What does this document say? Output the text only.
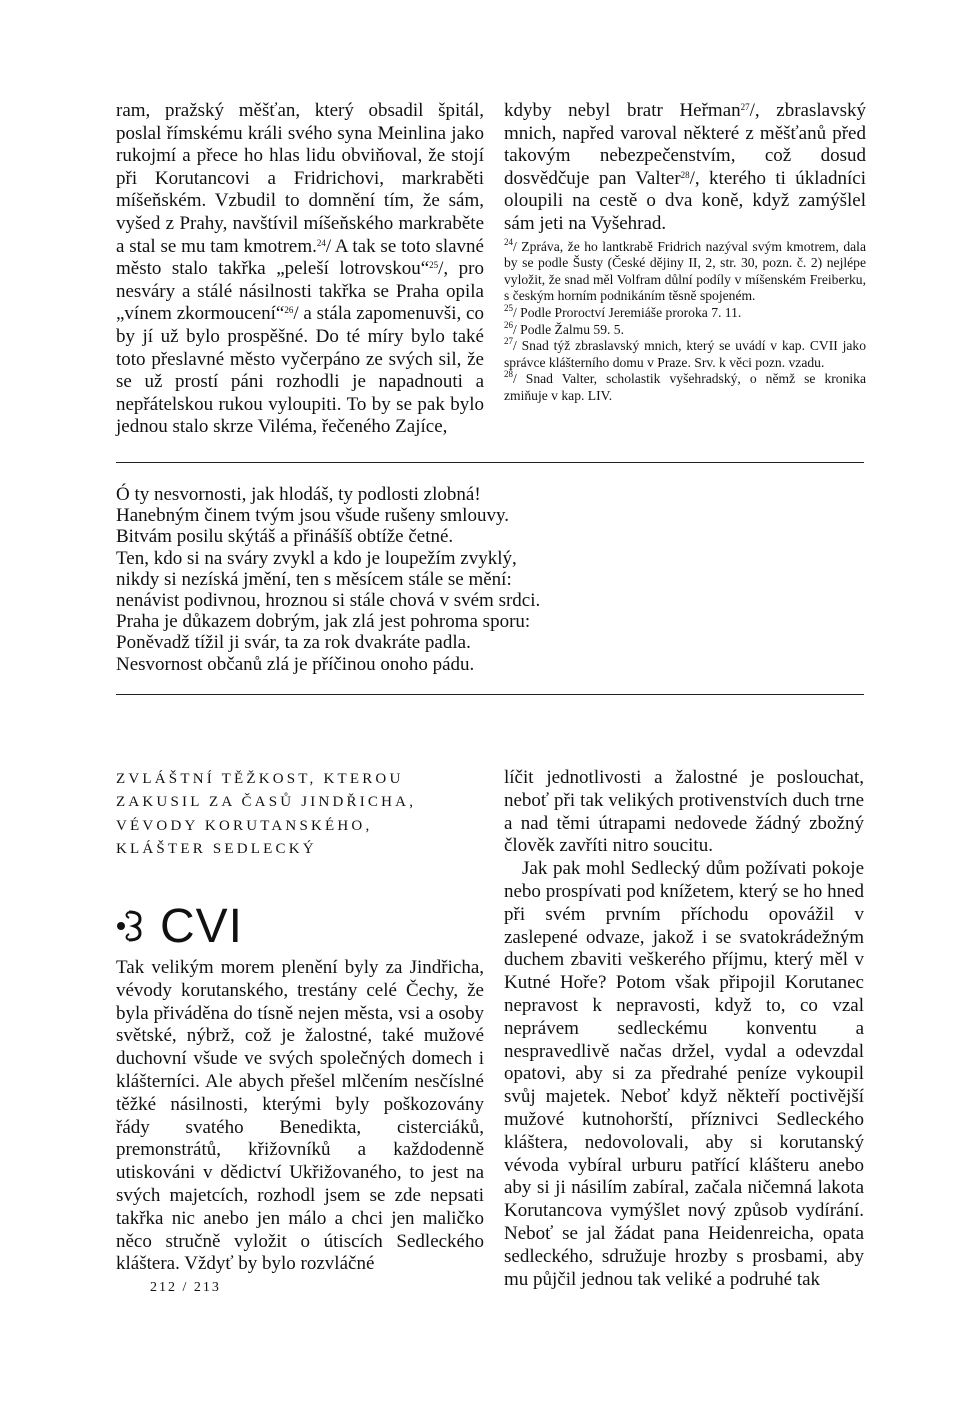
ram, pražský měšťan, který obsadil špitál, poslal římskému králi svého syna Meinlina jako rukojmí a přece ho hlas lidu obviňoval, že stojí při Korutancovi a Fridrichovi, markraběti míšeňském. Vzbudil to domnění tím, že sám, vyšed z Prahy, navštívil míšeňského markraběte a stal se mu tam kmotrem.$^{24}$/ A tak se toto slavné město stalo takřka „peleší lotrovskou“$^{25}$/, pro nesváry a stálé násilnosti takřka se Praha opila „vínem zkormoucení“$^{26}$/ a stála zapomenuvši, co by jí už bylo prospěšné. Do té míry bylo také toto přeslavné město vyčerpáno ze svých sil, že se už prostí páni rozhodli je napadnouti a nepřátelskou rukou vyloupiti. To by se pak bylo jednou stalo skrze Viléma, řečeného Zajíce,

kdyby nebyl bratr Heřman$^{27}$/, zbraslavský mnich, napřed varoval některé z měšťanů před takovým nebezpečenstvím, což dosud dosvědčuje pan Valter$^{28}$/, kterého ti úkladníci oloupili na cestě o dva koně, když zamýšlel sám jeti na Vyšehrad.

$^{24}$/ Zpráva, že ho lantkrabě Fridrich nazýval svým kmotrem, dala by se podle Šusty (České dějiny II, 2, str. 30, pozn. č. 2) nejlépe vyložit, že snad měl Volfram důlní podíly v míšenském Freiberku, s českým horním podnikáním těsně spojeném.

$^{25}$/ Podle Proroctví Jeremiáše proroka 7. 11.

$^{26}$/ Podle Žalmu 59. 5.

$^{27}$/ Snad týž zbraslavský mnich, který se uvádí v kap. CVII jako správce klášterního domu v Praze. Srv. k věci pozn. vzadu.

$^{28}$/ Snad Valter, scholastik vyšehradský, o němž se kronika zmiňuje v kap. LIV.

Ó ty nesvornosti, jak hlodáš, ty podlosti zlobná!
Hanebným činem tvým jsou všude rušeny smlouvy.
Bitvám posilu skýtáš a přinášíš obtíže četné.
Ten, kdo si na sváry zvykl a kdo je loupežím zvyklý,
nikdy si nezíská jmění, ten s měsícem stále se mění:
nenávist podivnou, hroznou si stále chová v svém srdci.
Praha je důkazem dobrým, jak zlá jest pohroma sporu:
Poněvadž tížil ji svár, ta za rok dvakráte padla.
Nesvornost občanů zlá je příčinou onoho pádu.
ZVLÁŠTNÍ TĚŽKOST, KTEROU
ZAKUSIL ZA ČASŮ JINDŘICHA,
VÉVODY KORUTANSKÉHO,
KLÁŠTER SEDLECKÝ
CVI

Tak velikým morem plenění byly za Jindřicha, vévody korutanského, trestány celé Čechy, že byla přiváděna do tísně nejen města, vsi a osoby světské, nýbrž, což je žalostné, také mužové duchovní všude ve svých společných domech i klášterníci. Ale abych přešel mlčením nesčíslné těžké násilnosti, kterými byly poškozovány řády svatého Benedikta, cisterciáků, premonstrátů, křižovníků a každodenně utiskováni v dědictví Ukřižovaného, to jest na svých majetcích, rozhodl jsem se zde nepsati takřka nic anebo jen málo a chci jen maličko něco stručně vyložit o útiscích Sedleckého kláštera. Vždyť by bylo rozvláčné

líčit jednotlivosti a žalostné je poslouchat, neboť při tak velikých protivenstvích duch trne a nad těmi útrapami nedovede žádný zbožný člověk zavříti nitro soucitu.

Jak pak mohl Sedlecký dům požívati pokoje nebo prospívati pod knížetem, který se ho hned při svém prvním příchodu opovážil v zaslepené odvaze, jakož i se svatokrádežným duchem zbaviti veškerého příjmu, který měl v Kutné Hoře? Potom však připojil Korutanec nepravost k nepravosti, když to, co vzal neprávem sedleckému konventu a nespravedlivě načas držel, vydal a odevzdal opatovi, aby si za předrahé peníze vykoupil svůj majetek. Neboť když někteří poctivější mužové kutnohorští, příznivci Sedleckého kláštera, nedovolovali, aby si korutanský vévoda vybíral urburu patřící klášteru anebo aby si ji násilím zabíral, začala ničemná lakota Korutancova vymýšlet nový způsob vydírání. Neboť se jal žádat pana Heidenreicha, opata sedleckého, sdružuje hrozby s prosbami, aby mu půjčil jednou tak veliké a podruhé tak

212 / 213
